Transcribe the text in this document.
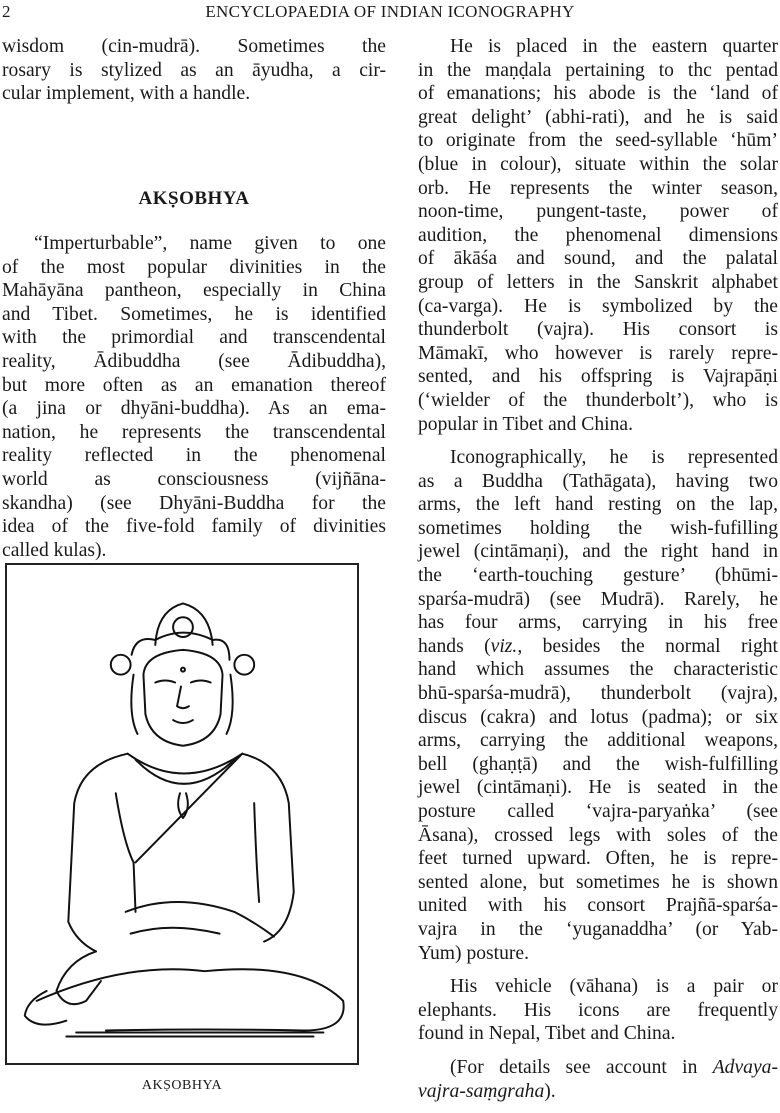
2	ENCYCLOPAEDIA OF INDIAN ICONOGRAPHY
wisdom (cin-mudrā). Sometimes the
rosary is stylized as an āyudha, a cir-
cular implement, with a handle.
AKṢOBHYA
“Imperturbable”, name given to one
of the most popular divinities in the
Mahāyāna pantheon, especially in China
and Tibet. Sometimes, he is identified
with the primordial and transcendental
reality, Ādibuddha (see Ādibuddha),
but more often as an emanation thereof
(a jina or dhyāni-buddha). As an ema-
nation, he represents the transcendental
reality reflected in the phenomenal
world as consciousness (vijñāna-
skandha) (see Dhyāni-Buddha for the
idea of the five-fold family of divinities
called kulas).
AKṢOBHYA
He is placed in the eastern quarter
in the maṇḍala pertaining to thc pentad
of emanations; his abode is the ‘land of
great delight’ (abhi-rati), and he is said
to originate from the seed-syllable ‘hūm’
(blue in colour), situate within the solar
orb. He represents the winter season,
noon-time, pungent-taste, power of
audition, the phenomenal dimensions
of ākāśa and sound, and the palatal
group of letters in the Sanskrit alphabet
(ca-varga). He is symbolized by the
thunderbolt (vajra). His consort is
Māmakī, who however is rarely repre-
sented, and his offspring is Vajrapāṇi
(‘wielder of the thunderbolt’), who is
popular in Tibet and China.
Iconographically, he is represented
as a Buddha (Tathāgata), having two
arms, the left hand resting on the lap,
sometimes holding the wish-fufilling
jewel (cintāmaṇi), and the right hand in
the ‘earth-touching gesture’ (bhūmi-
sparśa-mudrā) (see Mudrā). Rarely, he
has four arms, carrying in his free
hands (viz., besides the normal right
hand which assumes the characteristic
bhū-sparśa-mudrā), thunderbolt (vajra),
discus (cakra) and lotus (padma); or six
arms, carrying the additional weapons,
bell (ghaṇṭā) and the wish-fulfilling
jewel (cintāmaṇi). He is seated in the
posture called ‘vajra-paryaṅka’ (see
Āsana), crossed legs with soles of the
feet turned upward. Often, he is repre-
sented alone, but sometimes he is shown
united with his consort Prajñā-sparśa-
vajra in the ‘yuganaddha’ (or Yab-
Yum) posture.
His vehicle (vāhana) is a pair or
elephants. His icons are frequently
found in Nepal, Tibet and China.
(For details see account in Advaya-
vajra-saṃgraha).
